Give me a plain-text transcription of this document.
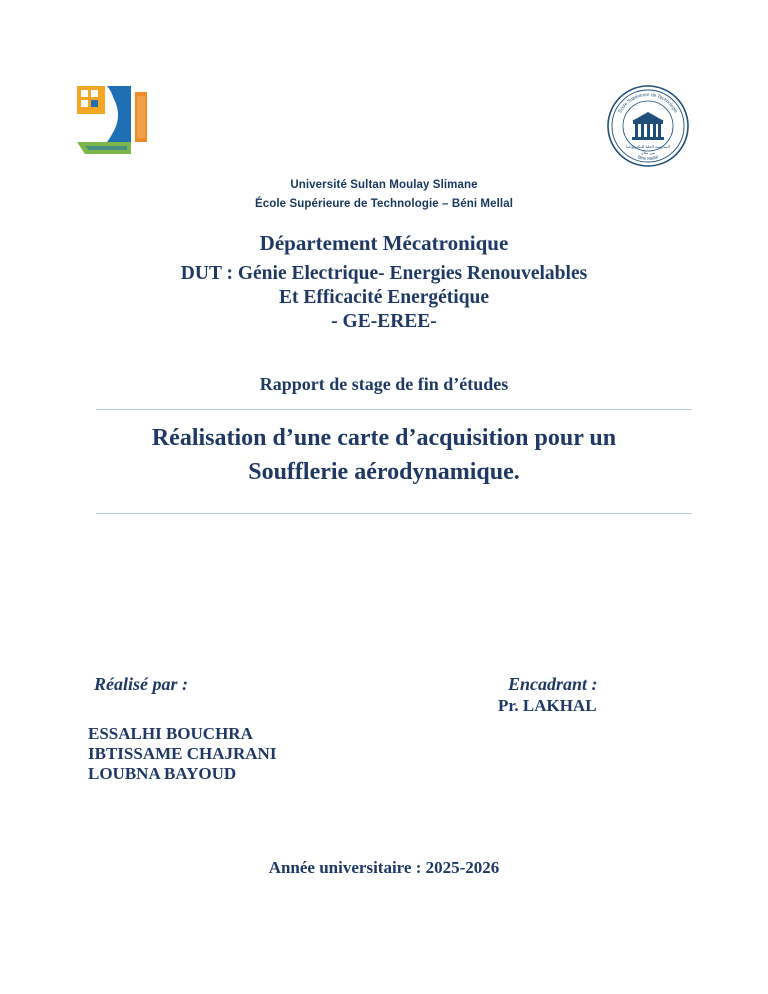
École Supérieure de Technologie
Béni Mellal
المدرسة العليا للتكنولوجيا
بني ملال
Université Sultan Moulay Slimane
École Supérieure de Technologie – Béni Mellal
Département Mécatronique
DUT : Génie Electrique- Energies Renouvelables
Et Efficacité Energétique
- GE-EREE-
Rapport de stage de fin d’études
Réalisation d’une carte d’acquisition pour un
Soufflerie aérodynamique.
Réalisé par :	Encadrant :
Pr. LAKHAL
ESSALHI BOUCHRA
IBTISSAME CHAJRANI
LOUBNA BAYOUD
Année universitaire : 2025-2026
